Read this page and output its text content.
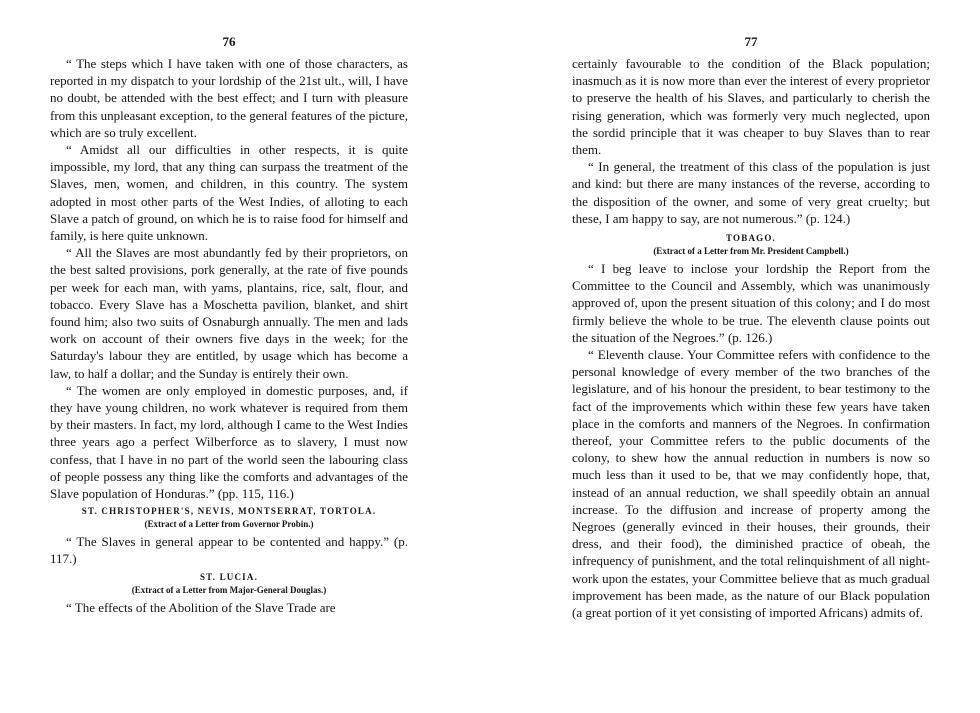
76

“ The steps which I have taken with one of those characters, as reported in my dispatch to your lordship of the 21st ult., will, I have no doubt, be attended with the best effect; and I turn with pleasure from this unpleasant exception, to the general features of the picture, which are so truly excellent.

“ Amidst all our difficulties in other respects, it is quite impossible, my lord, that any thing can surpass the treatment of the Slaves, men, women, and children, in this country. The system adopted in most other parts of the West Indies, of alloting to each Slave a patch of ground, on which he is to raise food for himself and family, is here quite unknown.

“ All the Slaves are most abundantly fed by their proprietors, on the best salted provisions, pork generally, at the rate of five pounds per week for each man, with yams, plantains, rice, salt, flour, and tobacco. Every Slave has a Moschetta pavilion, blanket, and shirt found him; also two suits of Osnaburgh annually. The men and lads work on account of their owners five days in the week; for the Saturday's labour they are entitled, by usage which has become a law, to half a dollar; and the Sunday is entirely their own.

“ The women are only employed in domestic purposes, and, if they have young children, no work whatever is required from them by their masters. In fact, my lord, although I came to the West Indies three years ago a perfect Wilberforce as to slavery, I must now confess, that I have in no part of the world seen the labouring class of people possess any thing like the comforts and advantages of the Slave population of Honduras.” (pp. 115, 116.)

ST. CHRISTOPHER'S, NEVIS, MONTSERRAT, TORTOLA.
(Extract of a Letter from Governor Probin.)

“ The Slaves in general appear to be contented and happy.” (p. 117.)

ST. LUCIA.
(Extract of a Letter from Major-General Douglas.)

“ The effects of the Abolition of the Slave Trade are

77

certainly favourable to the condition of the Black population; inasmuch as it is now more than ever the interest of every proprietor to preserve the health of his Slaves, and particularly to cherish the rising generation, which was formerly very much neglected, upon the sordid principle that it was cheaper to buy Slaves than to rear them.

“ In general, the treatment of this class of the population is just and kind: but there are many instances of the reverse, according to the disposition of the owner, and some of very great cruelty; but these, I am happy to say, are not numerous.” (p. 124.)

TOBAGO.
(Extract of a Letter from Mr. President Campbell.)

“ I beg leave to inclose your lordship the Report from the Committee to the Council and Assembly, which was unanimously approved of, upon the present situation of this colony; and I do most firmly believe the whole to be true. The eleventh clause points out the situation of the Negroes.” (p. 126.)

“ Eleventh clause. Your Committee refers with confidence to the personal knowledge of every member of the two branches of the legislature, and of his honour the president, to bear testimony to the fact of the improvements which within these few years have taken place in the comforts and manners of the Negroes. In confirmation thereof, your Committee refers to the public documents of the colony, to shew how the annual reduction in numbers is now so much less than it used to be, that we may confidently hope, that, instead of an annual reduction, we shall speedily obtain an annual increase. To the diffusion and increase of property among the Negroes (generally evinced in their houses, their grounds, their dress, and their food), the diminished practice of obeah, the infrequency of punishment, and the total relinquishment of all night-work upon the estates, your Committee believe that as much gradual improvement has been made, as the nature of our Black population (a great portion of it yet consisting of imported Africans) admits of.
